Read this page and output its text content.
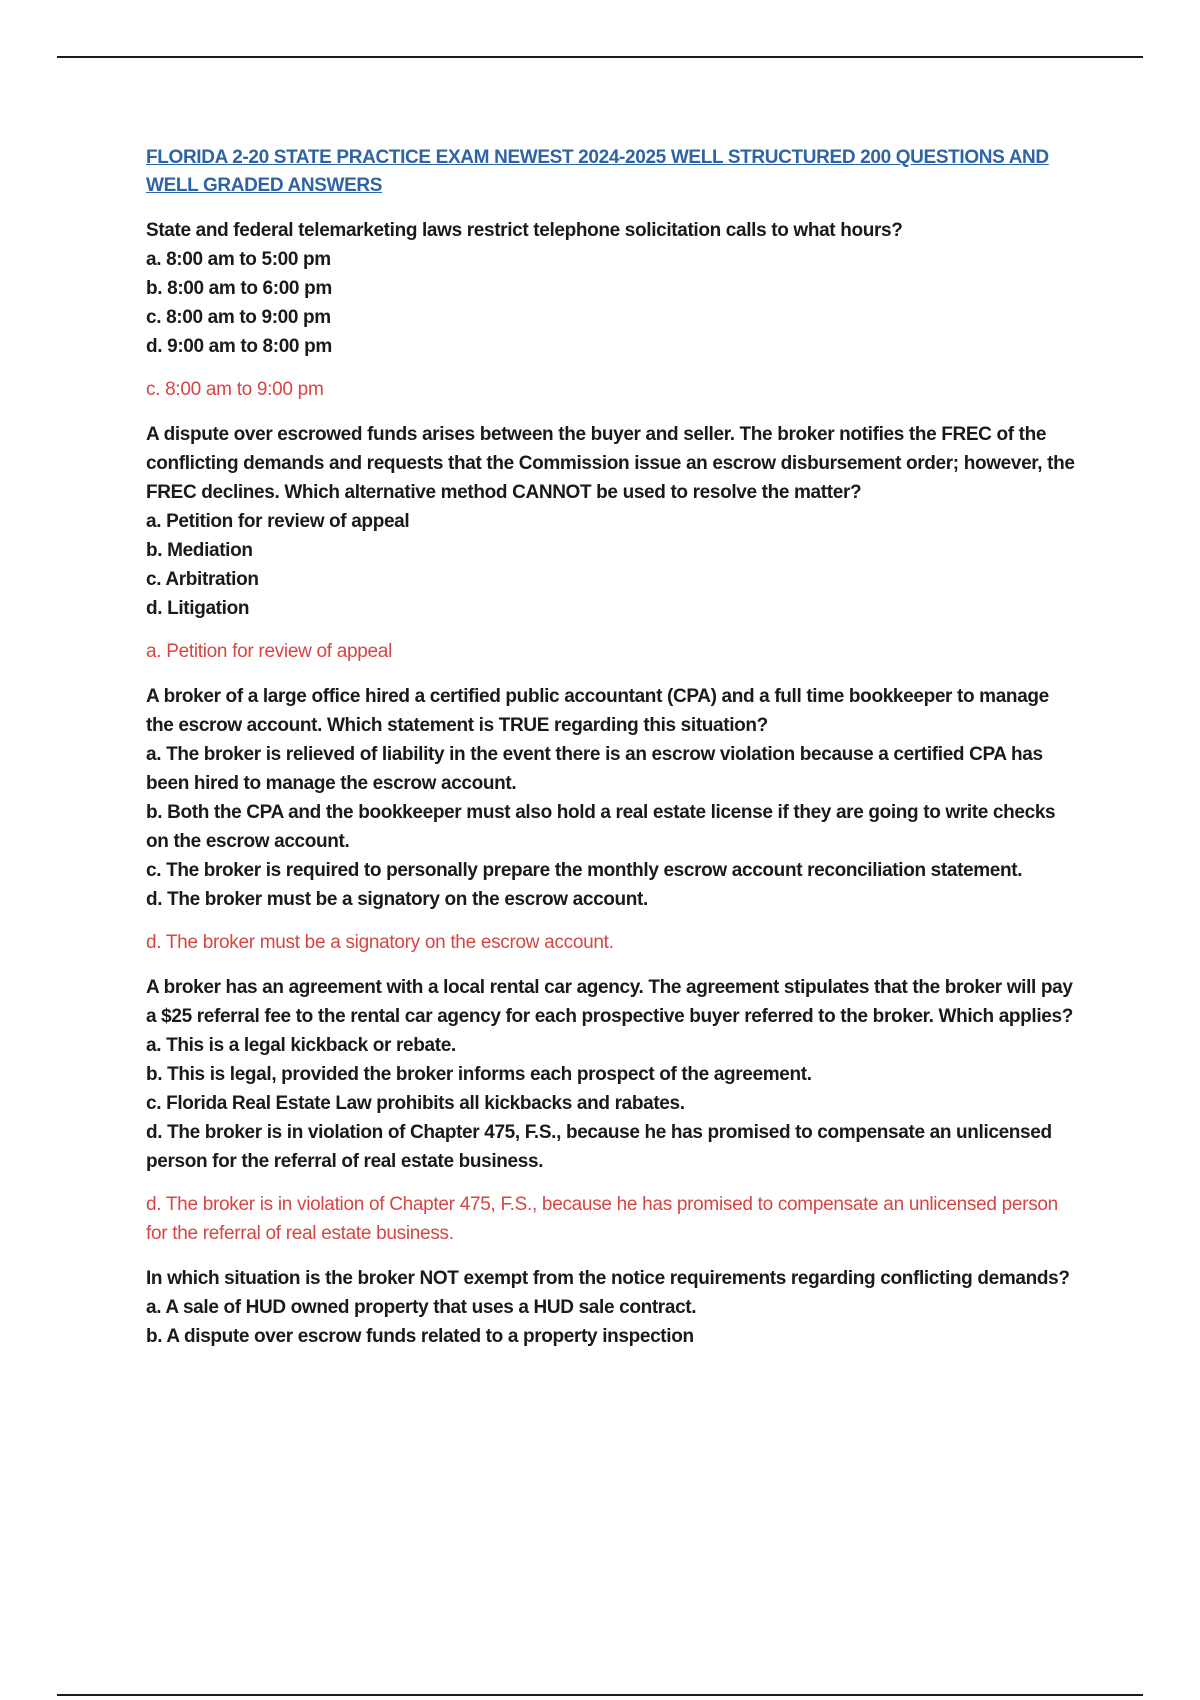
FLORIDA 2-20 STATE PRACTICE EXAM NEWEST 2024-2025 WELL STRUCTURED 200 QUESTIONS AND WELL GRADED ANSWERS
State and federal telemarketing laws restrict telephone solicitation calls to what hours?
a. 8:00 am to 5:00 pm
b. 8:00 am to 6:00 pm
c. 8:00 am to 9:00 pm
d. 9:00 am to 8:00 pm
c. 8:00 am to 9:00 pm
A dispute over escrowed funds arises between the buyer and seller. The broker notifies the FREC of the conflicting demands and requests that the Commission issue an escrow disbursement order; however, the FREC declines. Which alternative method CANNOT be used to resolve the matter?
a. Petition for review of appeal
b. Mediation
c. Arbitration
d. Litigation
a. Petition for review of appeal
A broker of a large office hired a certified public accountant (CPA) and a full time bookkeeper to manage the escrow account. Which statement is TRUE regarding this situation?
a. The broker is relieved of liability in the event there is an escrow violation because a certified CPA has been hired to manage the escrow account.
b. Both the CPA and the bookkeeper must also hold a real estate license if they are going to write checks on the escrow account.
c. The broker is required to personally prepare the monthly escrow account reconciliation statement.
d. The broker must be a signatory on the escrow account.
d. The broker must be a signatory on the escrow account.
A broker has an agreement with a local rental car agency. The agreement stipulates that the broker will pay a $25 referral fee to the rental car agency for each prospective buyer referred to the broker. Which applies?
a. This is a legal kickback or rebate.
b. This is legal, provided the broker informs each prospect of the agreement.
c. Florida Real Estate Law prohibits all kickbacks and rabates.
d. The broker is in violation of Chapter 475, F.S., because he has promised to compensate an unlicensed person for the referral of real estate business.
d. The broker is in violation of Chapter 475, F.S., because he has promised to compensate an unlicensed person for the referral of real estate business.
In which situation is the broker NOT exempt from the notice requirements regarding conflicting demands?
a. A sale of HUD owned property that uses a HUD sale contract.
b. A dispute over escrow funds related to a property inspection
